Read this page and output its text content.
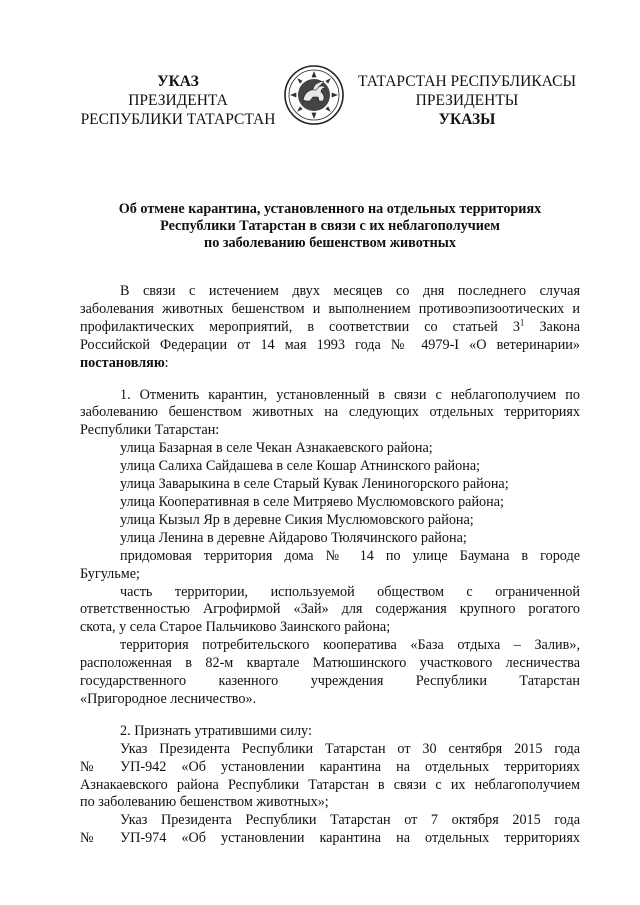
УКАЗ
ПРЕЗИДЕНТА
РЕСПУБЛИКИ ТАТАРСТАН
ТАТАРСТАН РЕСПУБЛИКАСЫ
ПРЕЗИДЕНТЫ
УКАЗЫ
Об отмене карантина, установленного на отдельных территориях
Республики Татарстан в связи с их неблагополучием
по заболеванию бешенством животных
В связи с истечением двух месяцев со дня последнего случая
заболевания животных бешенством и выполнением противоэпизоотических и
профилактических мероприятий, в соответствии со статьей $3^1$ Закона
Российской Федерации от 14 мая 1993 года № 4979-I «О ветеринарии»
постановляю:
1. Отменить карантин, установленный в связи с неблагополучием по
заболеванию бешенством животных на следующих отдельных территориях
Республики Татарстан:
улица Базарная в селе Чекан Азнакаевского района;
улица Салиха Сайдашева в селе Кошар Атнинского района;
улица Заварыкина в селе Старый Кувак Лениногорского района;
улица Кооперативная в селе Митряево Муслюмовского района;
улица Кызыл Яр в деревне Сикия Муслюмовского района;
улица Ленина в деревне Айдарово Тюлячинского района;
придомовая территория дома № 14 по улице Баумана в городе
Бугульме;
часть территории, используемой обществом с ограниченной
ответственностью Агрофирмой «Зай» для содержания крупного рогатого
скота, у села Старое Пальчиково Заинского района;
территория потребительского кооператива «База отдыха – Залив»,
расположенная в 82-м квартале Матюшинского участкового лесничества
государственного казенного учреждения Республики Татарстан
«Пригородное лесничество».
2. Признать утратившими силу:
Указ Президента Республики Татарстан от 30 сентября 2015 года
№ УП-942 «Об установлении карантина на отдельных территориях
Азнакаевского района Республики Татарстан в связи с их неблагополучием
по заболеванию бешенством животных»;
Указ Президента Республики Татарстан от 7 октября 2015 года
№ УП-974 «Об установлении карантина на отдельных территориях
